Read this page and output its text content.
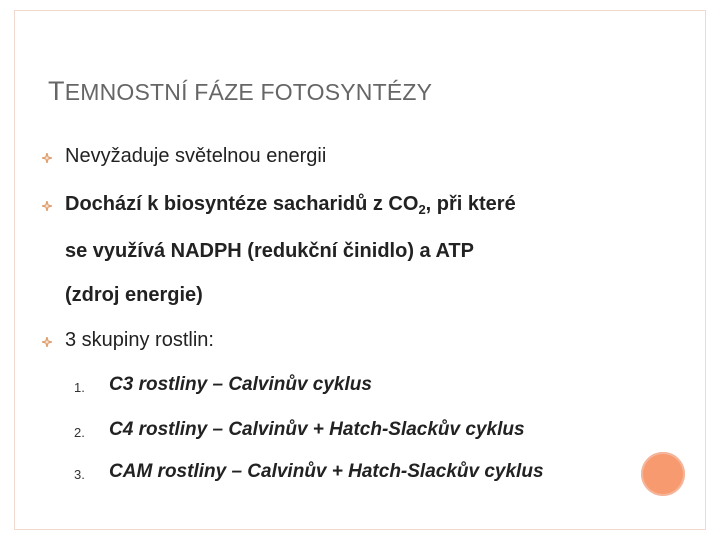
TEMNOSTNÍ FÁZE FOTOSYNTÉZY
Nevyžaduje světelnou energii
Dochází k biosyntéze sacharidů z $CO_2$, při které
se využívá NADPH (redukční činidlo) a ATP
(zdroj energie)
3 skupiny rostlin:
1. C3 rostliny – Calvinův cyklus
2. C4 rostliny – Calvinův + Hatch-Slackův cyklus
3. CAM rostliny – Calvinův + Hatch-Slackův cyklus
